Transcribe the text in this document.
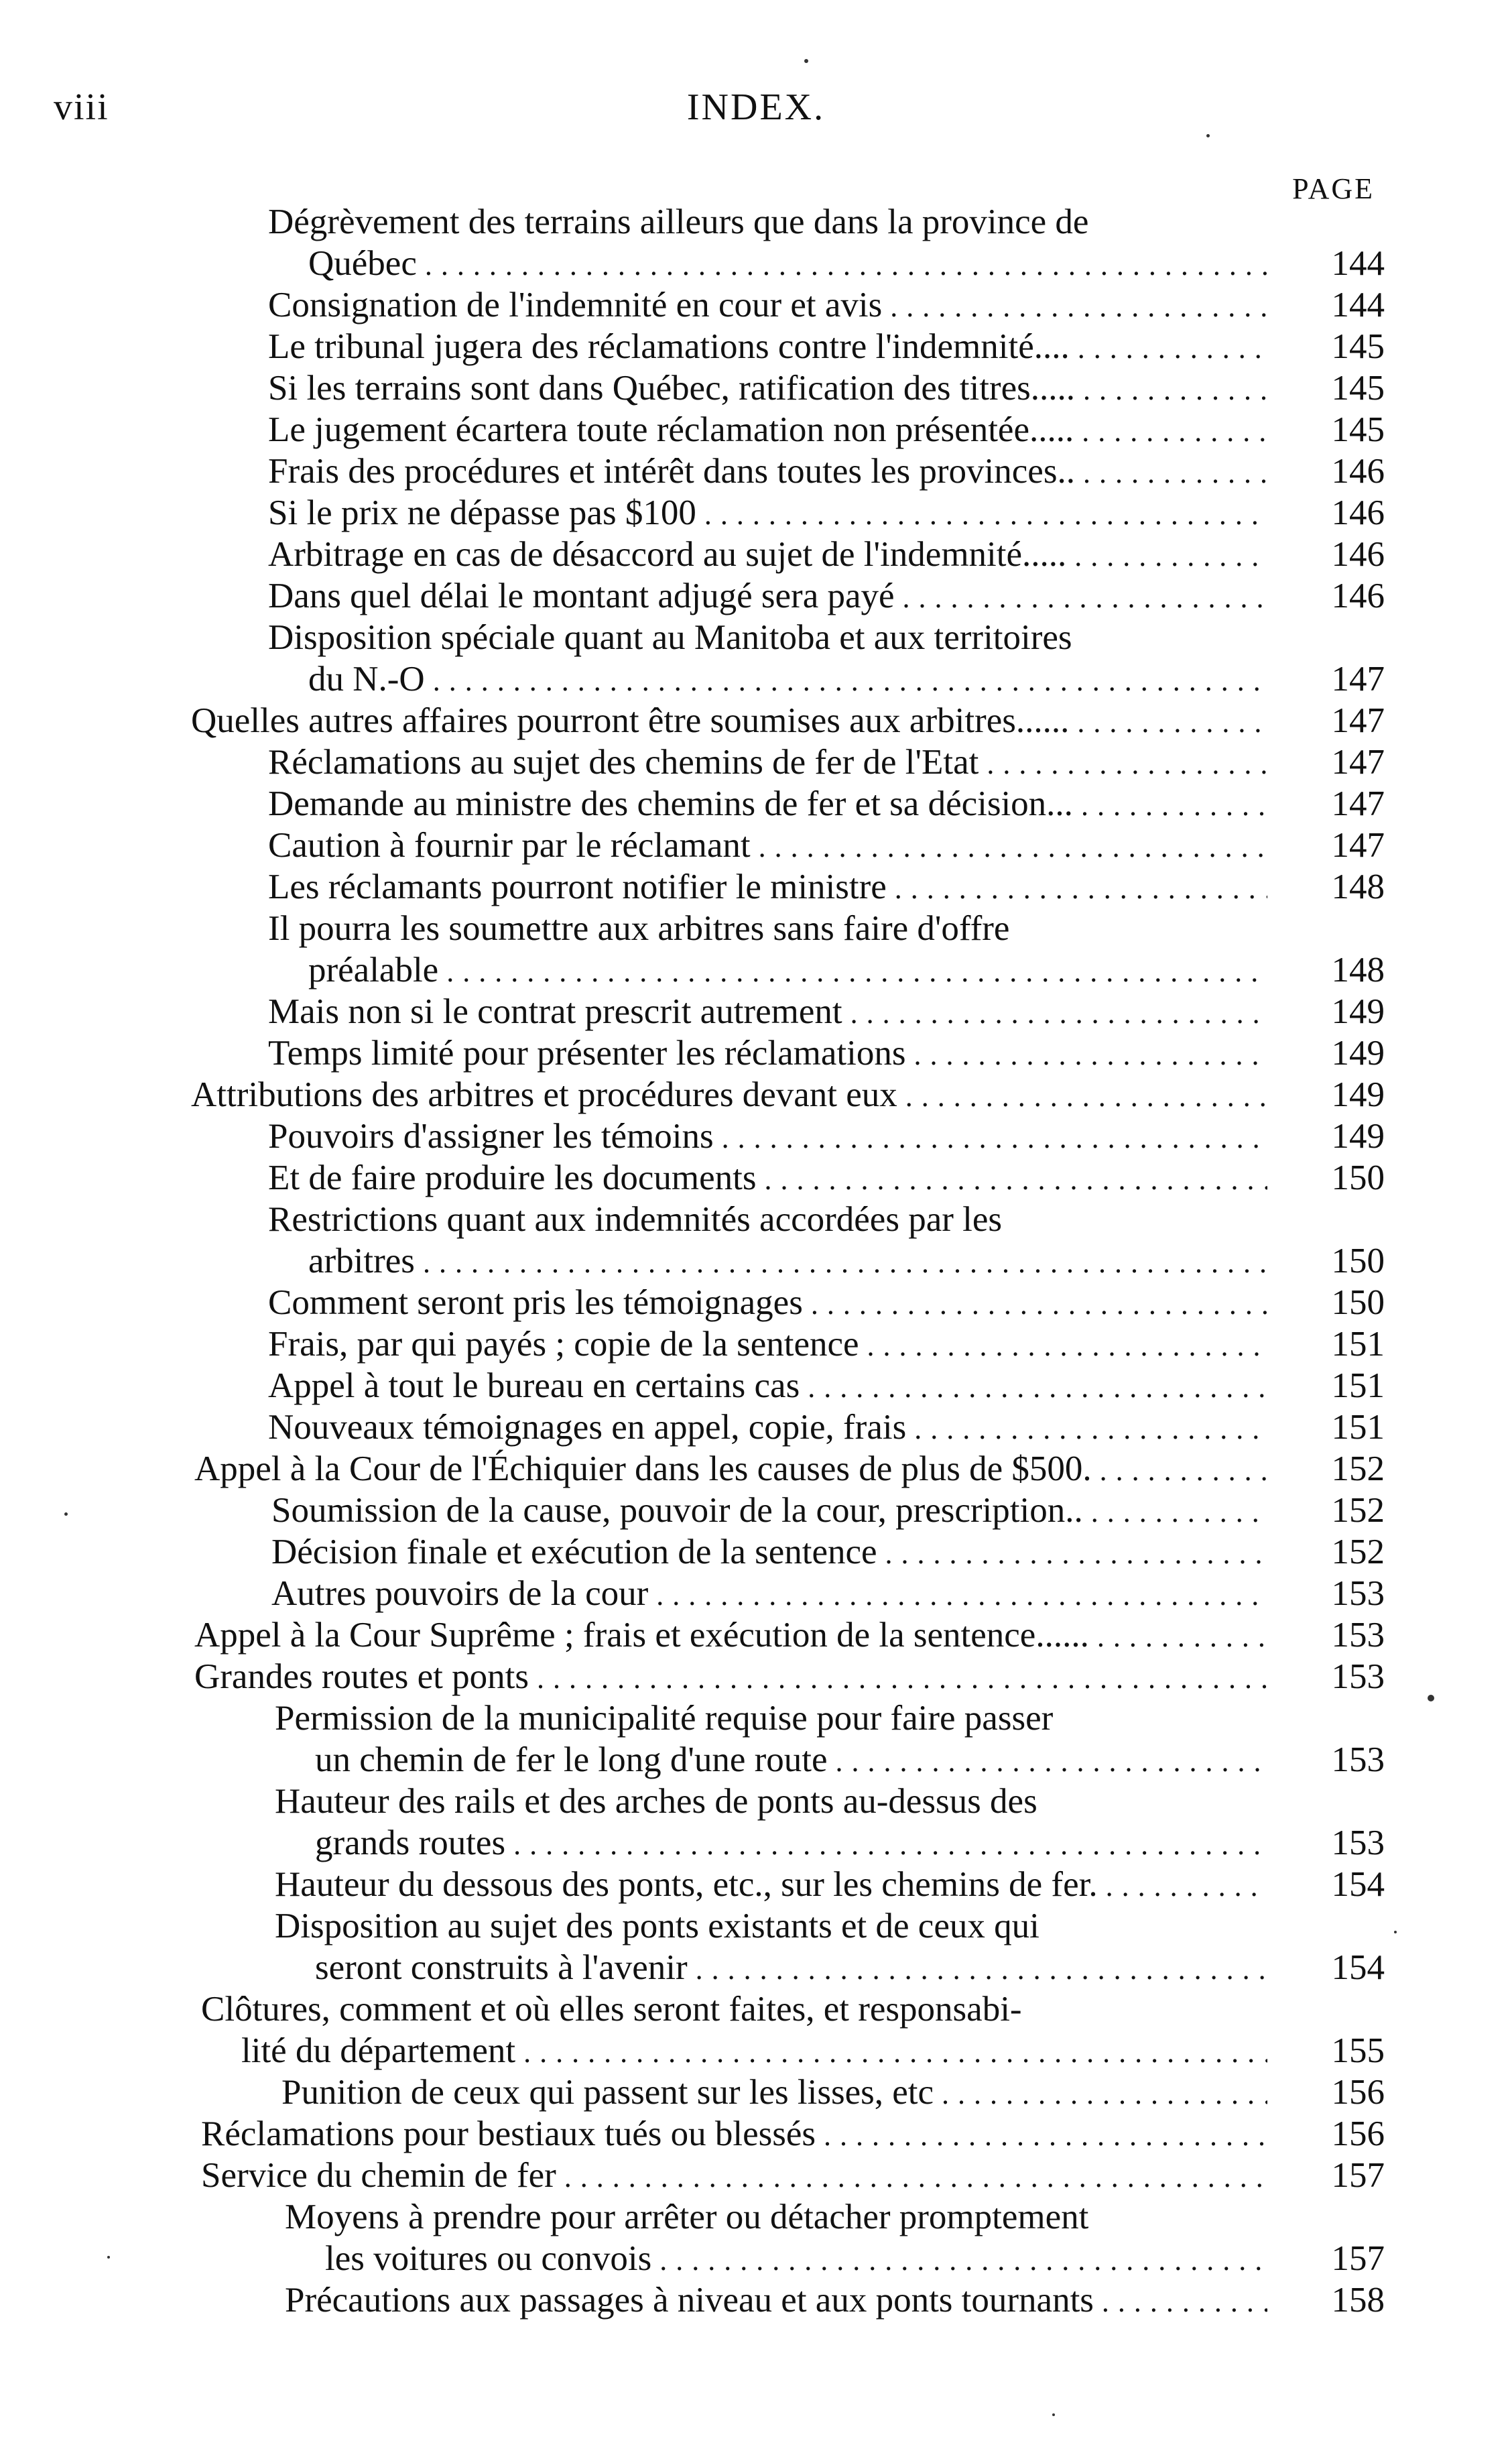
viii	INDEX.
PAGE
Dégrèvement des terrains ailleurs que dans la province de
Québec . . .	144
Consignation de l'indemnité en cour et avis . . .	144
Le tribunal jugera des réclamations contre l'indemnité.... . . .	145
Si les terrains sont dans Québec, ratification des titres..... . . .	145
Le jugement écartera toute réclamation non présentée..... . . .	145
Frais des procédures et intérêt dans toutes les provinces.. . . .	146
Si le prix ne dépasse pas $100 . . .	146
Arbitrage en cas de désaccord au sujet de l'indemnité..... . . .	146
Dans quel délai le montant adjugé sera payé . . .	146
Disposition spéciale quant au Manitoba et aux territoires
du N.-O . . .	147
Quelles autres affaires pourront être soumises aux arbitres...... . . .	147
Réclamations au sujet des chemins de fer de l'Etat . . .	147
Demande au ministre des chemins de fer et sa décision... . . .	147
Caution à fournir par le réclamant . . .	147
Les réclamants pourront notifier le ministre . . .	148
Il pourra les soumettre aux arbitres sans faire d'offre
préalable . . .	148
Mais non si le contrat prescrit autrement . . .	149
Temps limité pour présenter les réclamations . . .	149
Attributions des arbitres et procédures devant eux . . .	149
Pouvoirs d'assigner les témoins . . .	149
Et de faire produire les documents . . .	150
Restrictions quant aux indemnités accordées par les
arbitres . . .	150
Comment seront pris les témoignages . . .	150
Frais, par qui payés ; copie de la sentence . . .	151
Appel à tout le bureau en certains cas . . .	151
Nouveaux témoignages en appel, copie, frais . . .	151
Appel à la Cour de l'Échiquier dans les causes de plus de $500. . . .	152
Soumission de la cause, pouvoir de la cour, prescription.. . . .	152
Décision finale et exécution de la sentence . . .	152
Autres pouvoirs de la cour . . .	153
Appel à la Cour Suprême ; frais et exécution de la sentence...... . . .	153
Grandes routes et ponts . . .	153
Permission de la municipalité requise pour faire passer
un chemin de fer le long d'une route . . .	153
Hauteur des rails et des arches de ponts au-dessus des
grands routes . . .	153
Hauteur du dessous des ponts, etc., sur les chemins de fer. . . .	154
Disposition au sujet des ponts existants et de ceux qui
seront construits à l'avenir . . .	154
Clôtures, comment et où elles seront faites, et responsabi-
lité du département . . .	155
Punition de ceux qui passent sur les lisses, etc . . .	156
Réclamations pour bestiaux tués ou blessés . . .	156
Service du chemin de fer . . .	157
Moyens à prendre pour arrêter ou détacher promptement
les voitures ou convois . . .	157
Précautions aux passages à niveau et aux ponts tournants . . .	158
